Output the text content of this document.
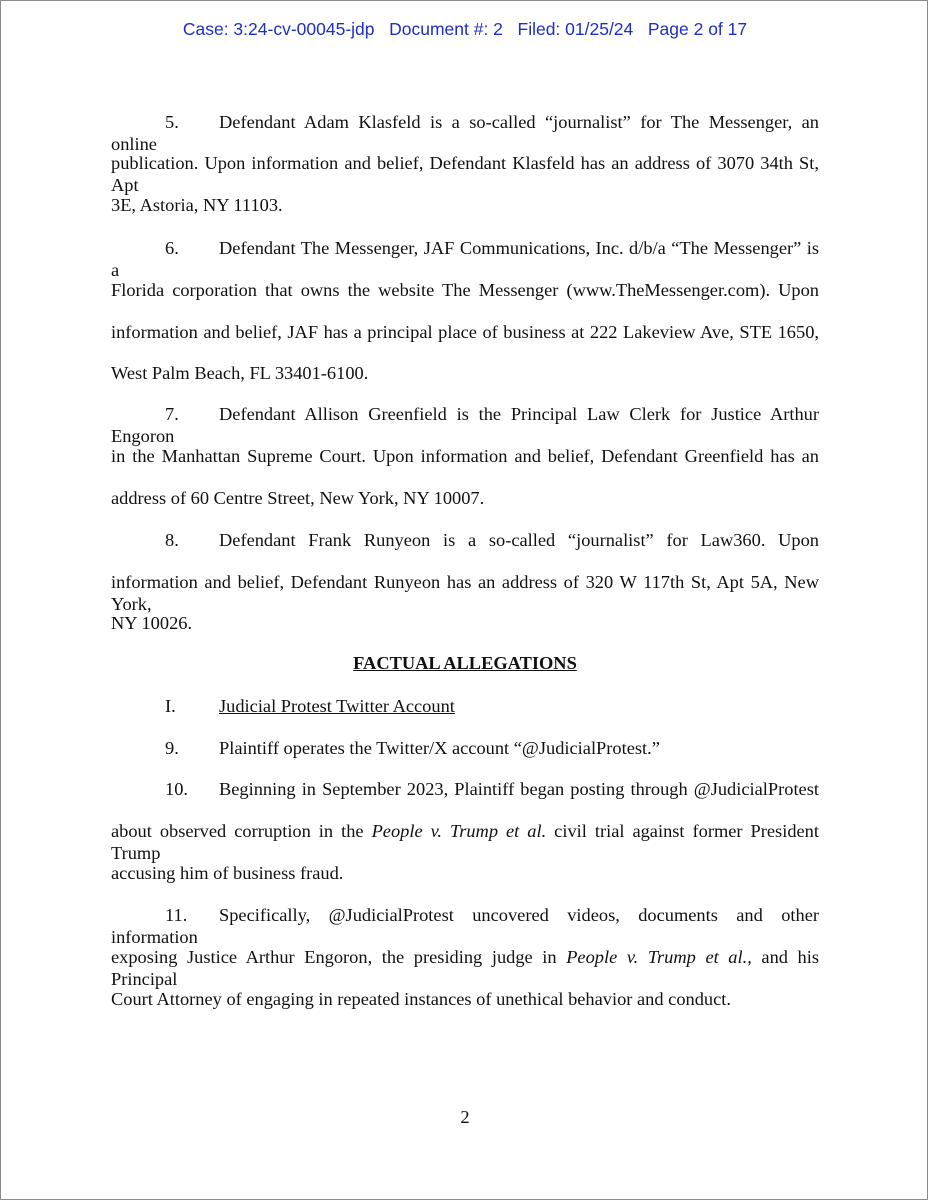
Case: 3:24-cv-00045-jdp Document #: 2 Filed: 01/25/24 Page 2 of 17
5. Defendant Adam Klasfeld is a so-called “journalist” for The Messenger, an online
publication. Upon information and belief, Defendant Klasfeld has an address of 3070 34th St, Apt
3E, Astoria, NY 11103.
6. Defendant The Messenger, JAF Communications, Inc. d/b/a “The Messenger” is a
Florida corporation that owns the website The Messenger (www.TheMessenger.com). Upon
information and belief, JAF has a principal place of business at 222 Lakeview Ave, STE 1650,
West Palm Beach, FL 33401-6100.
7. Defendant Allison Greenfield is the Principal Law Clerk for Justice Arthur Engoron
in the Manhattan Supreme Court. Upon information and belief, Defendant Greenfield has an
address of 60 Centre Street, New York, NY 10007.
8. Defendant Frank Runyeon is a so-called “journalist” for Law360. Upon
information and belief, Defendant Runyeon has an address of 320 W 117th St, Apt 5A, New York,
NY 10026.
FACTUAL ALLEGATIONS
I. Judicial Protest Twitter Account
9. Plaintiff operates the Twitter/X account “@JudicialProtest.”
10. Beginning in September 2023, Plaintiff began posting through @JudicialProtest
about observed corruption in the People v. Trump et al. civil trial against former President Trump
accusing him of business fraud.
11. Specifically, @JudicialProtest uncovered videos, documents and other information
exposing Justice Arthur Engoron, the presiding judge in People v. Trump et al., and his Principal
Court Attorney of engaging in repeated instances of unethical behavior and conduct.
2
